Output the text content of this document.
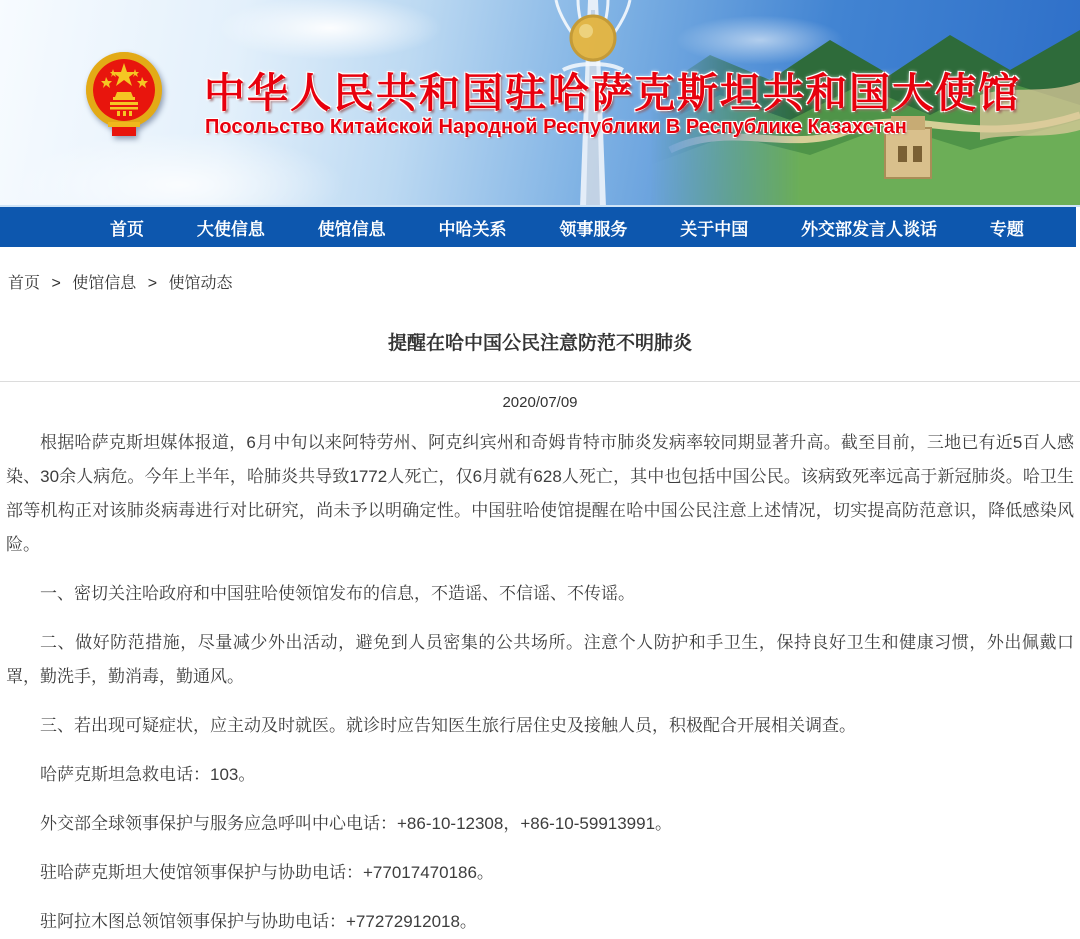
中华人民共和国驻哈萨克斯坦共和国大使馆
Посольство Китайской Народной Республики В Республике Казахстан
首页	大使信息	使馆信息	中哈关系	领事服务	关于中国	外交部发言人谈话	专题
首页 > 使馆信息 > 使馆动态
提醒在哈中国公民注意防范不明肺炎
2020/07/09

根据哈萨克斯坦媒体报道，6月中旬以来阿特劳州、阿克纠宾州和奇姆肯特市肺炎发病率较同期显著升高。截至目前，三地已有近5百人感染、30余人病危。今年上半年，哈肺炎共导致1772人死亡，仅6月就有628人死亡，其中也包括中国公民。该病致死率远高于新冠肺炎。哈卫生部等机构正对该肺炎病毒进行对比研究，尚未予以明确定性。中国驻哈使馆提醒在哈中国公民注意上述情况，切实提高防范意识，降低感染风险。

一、密切关注哈政府和中国驻哈使领馆发布的信息，不造谣、不信谣、不传谣。

二、做好防范措施，尽量减少外出活动，避免到人员密集的公共场所。注意个人防护和手卫生，保持良好卫生和健康习惯，外出佩戴口罩，勤洗手，勤消毒，勤通风。

三、若出现可疑症状，应主动及时就医。就诊时应告知医生旅行居住史及接触人员，积极配合开展相关调查。

哈萨克斯坦急救电话：103。

外交部全球领事保护与服务应急呼叫中心电话：+86-10-12308，+86-10-59913991。

驻哈萨克斯坦大使馆领事保护与协助电话：+77017470186。

驻阿拉木图总领馆领事保护与协助电话：+77272912018。
